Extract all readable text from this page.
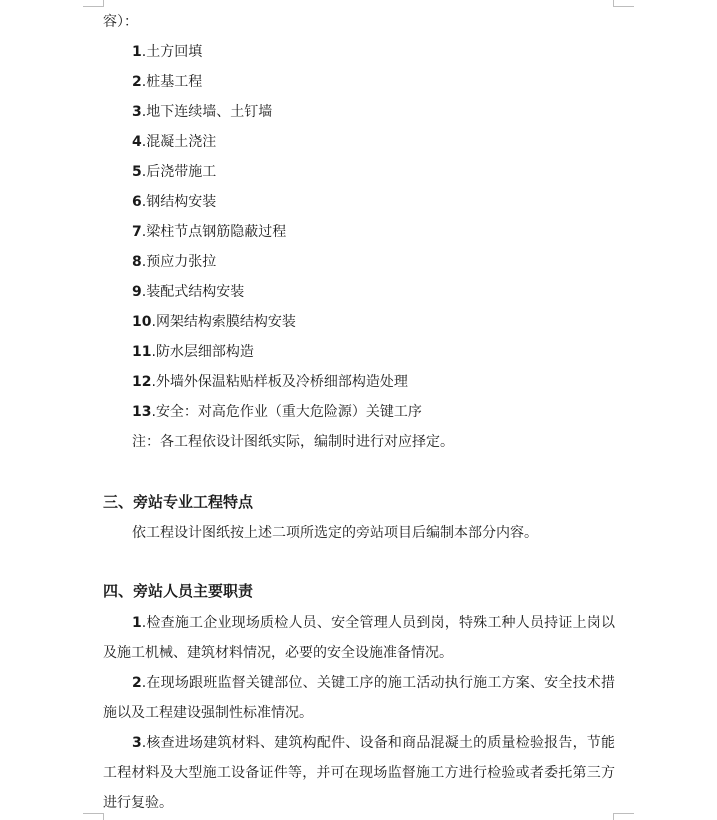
容）：
1.土方回填
2.桩基工程
3.地下连续墙、土钉墙
4.混凝土浇注
5.后浇带施工
6.钢结构安装
7.梁柱节点钢筋隐蔽过程
8.预应力张拉
9.装配式结构安装
10.网架结构索膜结构安装
11.防水层细部构造
12.外墙外保温粘贴样板及冷桥细部构造处理
13.安全：对高危作业（重大危险源）关键工序
注：各工程依设计图纸实际，编制时进行对应择定。
三、旁站专业工程特点
依工程设计图纸按上述二项所选定的旁站项目后编制本部分内容。
四、旁站人员主要职责
1.检查施工企业现场质检人员、安全管理人员到岗，特殊工种人员持证上岗以及施工机械、建筑材料情况，必要的安全设施准备情况。
2.在现场跟班监督关键部位、关键工序的施工活动执行施工方案、安全技术措施以及工程建设强制性标准情况。
3.核查进场建筑材料、建筑构配件、设备和商品混凝土的质量检验报告，节能工程材料及大型施工设备证件等，并可在现场监督施工方进行检验或者委托第三方进行复验。
